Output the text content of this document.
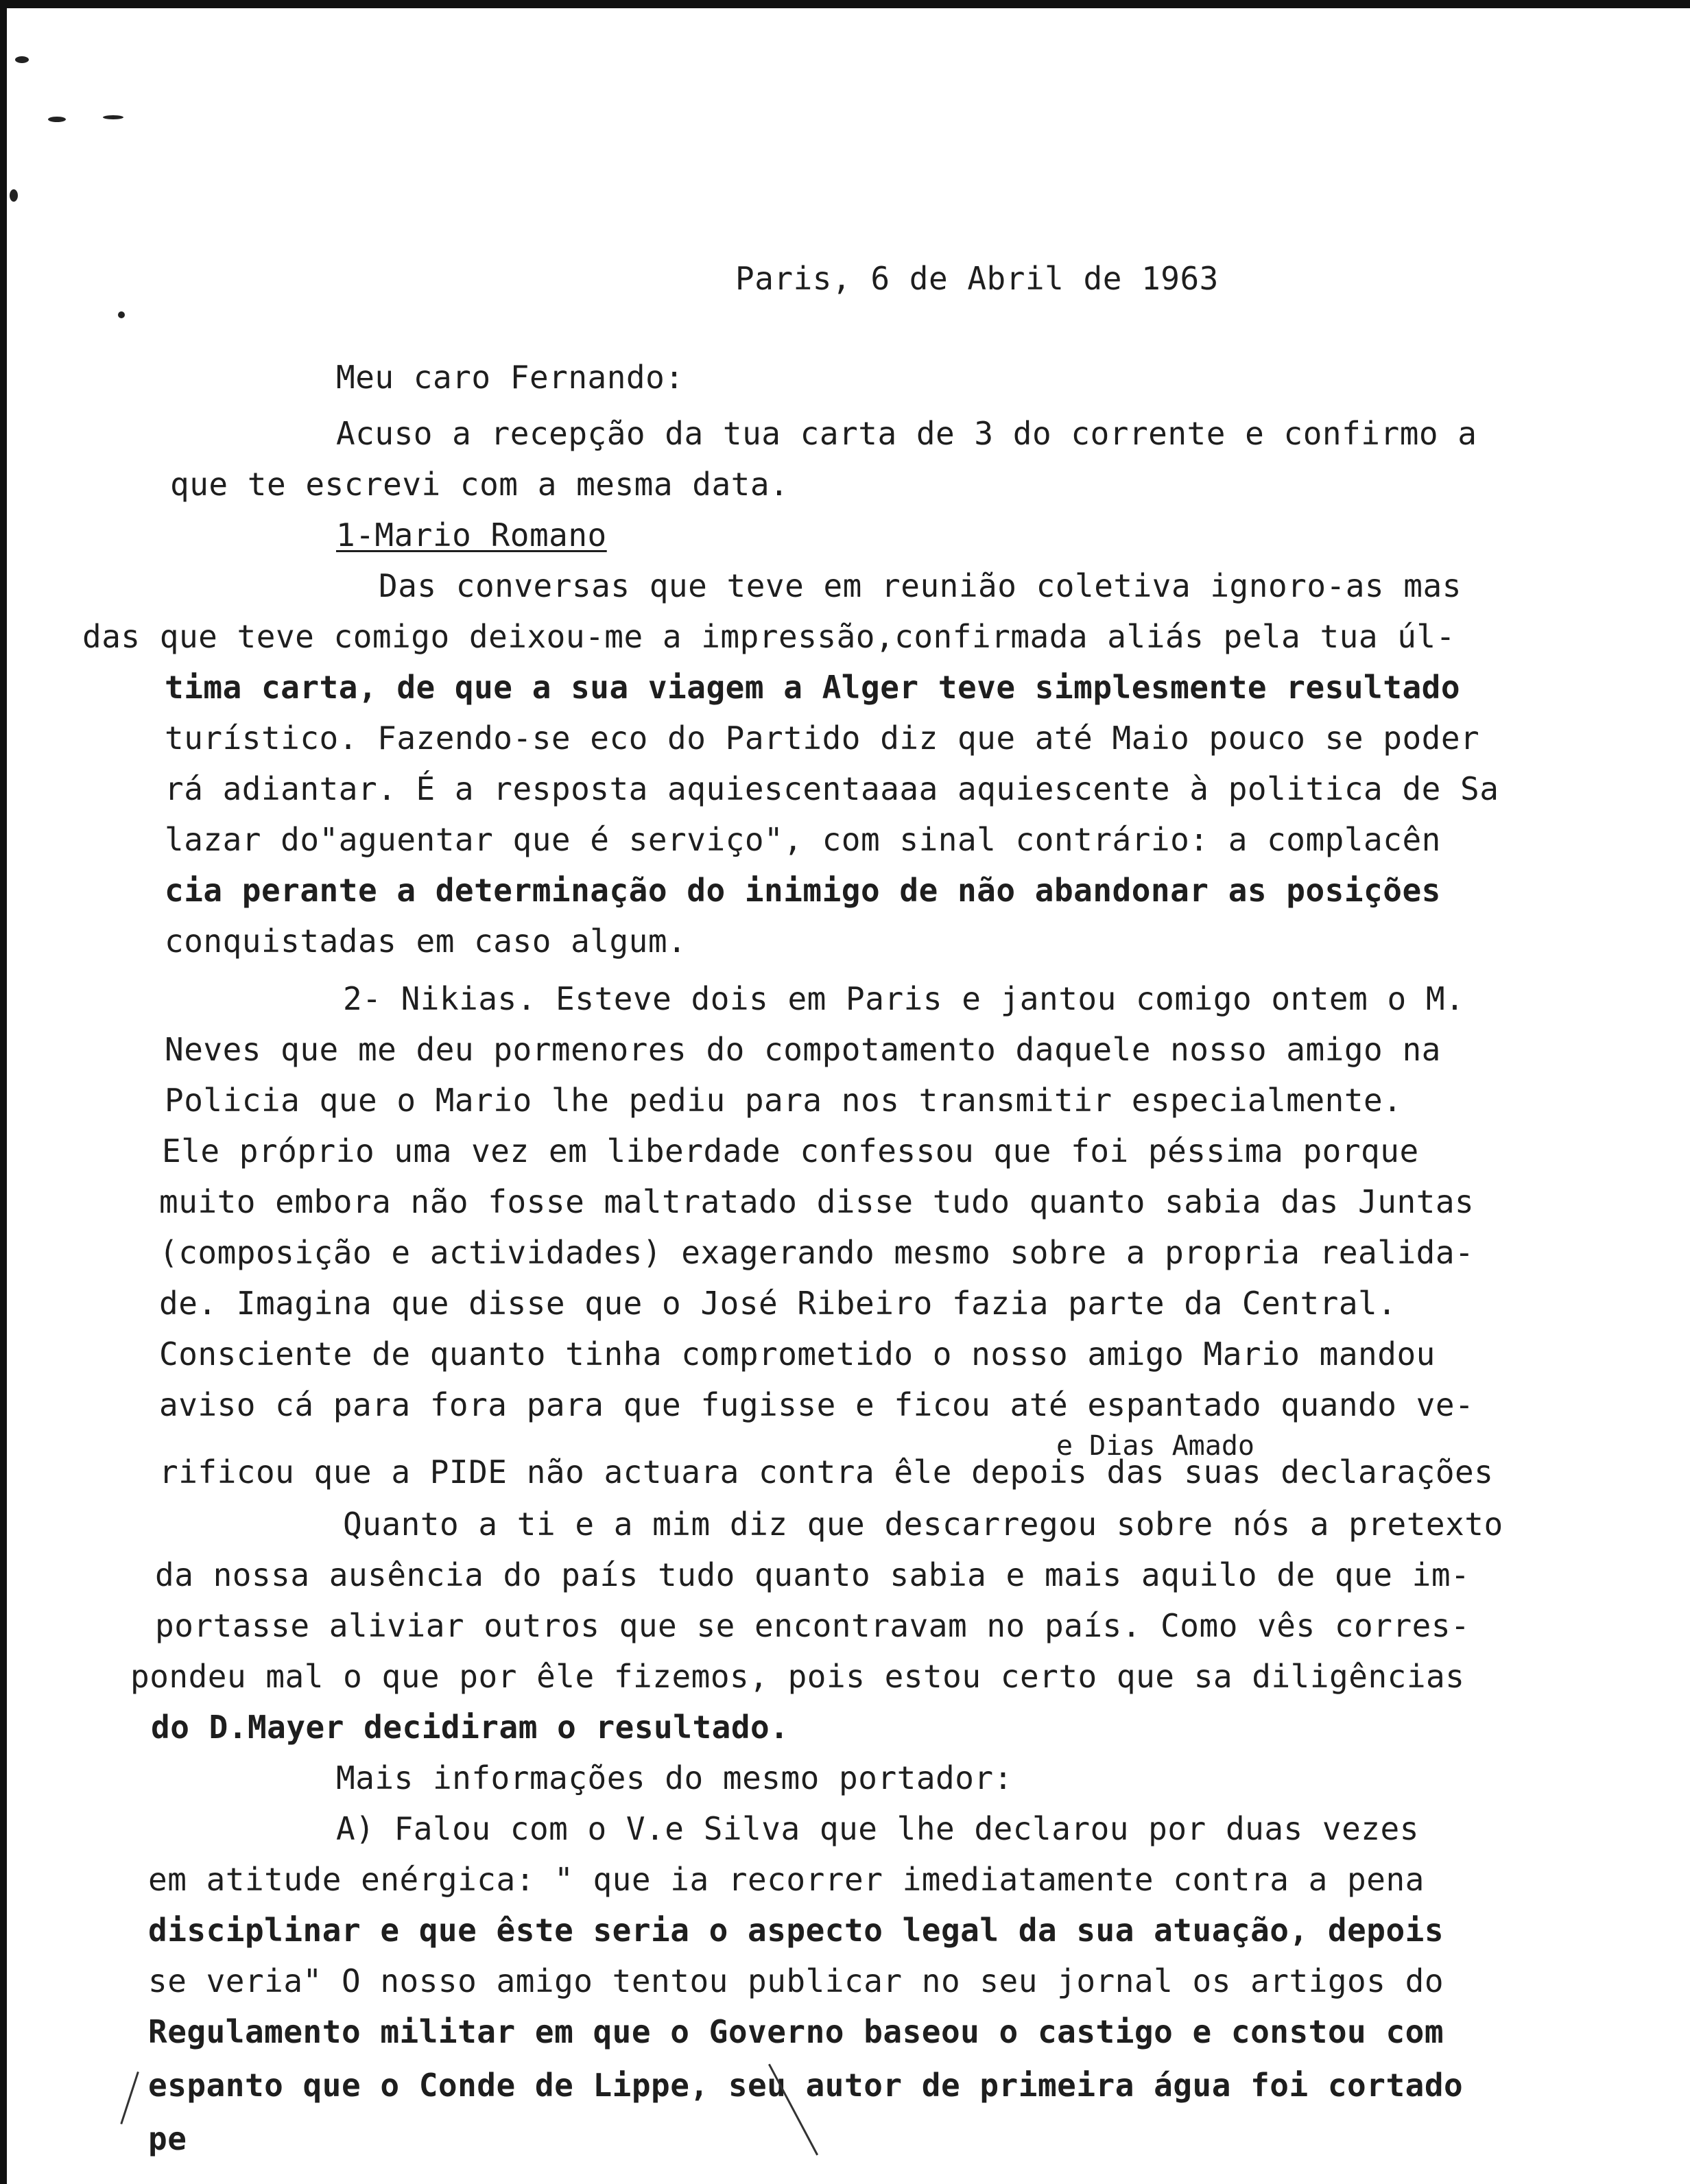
Paris, 6 de Abril de 1963
Meu caro Fernando:
Acuso a recepção da tua carta de 3 do corrente e confirmo a
que te escrevi com a mesma data.
1-Mario Romano
Das conversas que teve em reunião coletiva ignoro-as mas
das que teve comigo deixou-me a impressão,confirmada aliás pela tua úl-
tima carta, de que a sua viagem a Alger teve simplesmente resultado
turístico. Fazendo-se eco do Partido diz que até Maio pouco se poder
rá adiantar. É a resposta aquiescentaaaa aquiescente à politica de Sa
lazar do"aguentar que é serviço", com sinal contrário: a complacên
cia perante a determinação do inimigo de não abandonar as posições
conquistadas em caso algum.
2- Nikias. Esteve dois em Paris e jantou comigo ontem o M.
Neves que me deu pormenores do compotamento daquele nosso amigo na
Policia que o Mario lhe pediu para nos transmitir especialmente.
Ele próprio uma vez em liberdade confessou que foi péssima porque
muito embora não fosse maltratado disse tudo quanto sabia das Juntas
(composição e actividades) exagerando mesmo sobre a propria realida-
de. Imagina que disse que o José Ribeiro fazia parte da Central.
Consciente de quanto tinha comprometido o nosso amigo Mario mandou
aviso cá para fora para que fugisse e ficou até espantado quando ve-
e Dias Amado
rificou que a PIDE não actuara contra êle depois das suas declarações
Quanto a ti e a mim diz que descarregou sobre nós a pretexto
da nossa ausência do país tudo quanto sabia e mais aquilo de que im-
portasse aliviar outros que se encontravam no país. Como vês corres-
pondeu mal o que por êle fizemos, pois estou certo que sa diligências
do D.Mayer decidiram o resultado.
Mais informações do mesmo portador:
A) Falou com o V.e Silva que lhe declarou por duas vezes
em atitude enérgica: " que ia recorrer imediatamente contra a pena
disciplinar e que êste seria o aspecto legal da sua atuação, depois
se veria" O nosso amigo tentou publicar no seu jornal os artigos do
Regulamento militar em que o Governo baseou o castigo e constou com
espanto que o Conde de Lippe, seu autor de primeira água foi cortado
pe
